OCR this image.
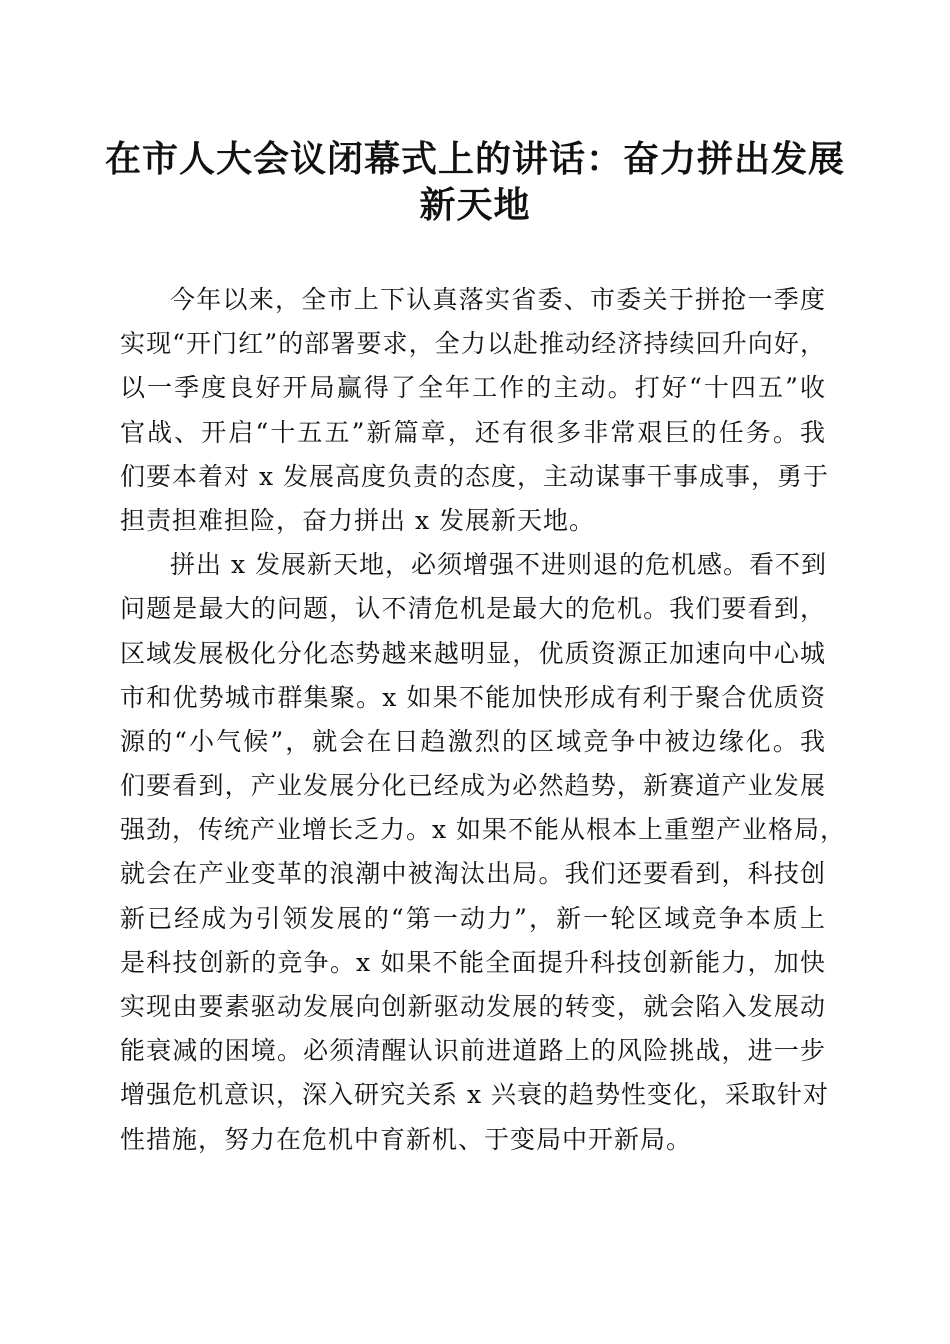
在市人大会议闭幕式上的讲话：奋力拼出发展
新天地

今年以来，全市上下认真落实省委、市委关于拼抢一季度
实现“开门红”的部署要求，全力以赴推动经济持续回升向好，
以一季度良好开局赢得了全年工作的主动。打好“十四五”收
官战、开启“十五五”新篇章，还有很多非常艰巨的任务。我
们要本着对 x 发展高度负责的态度，主动谋事干事成事，勇于
担责担难担险，奋力拼出 x 发展新天地。

拼出 x 发展新天地，必须增强不进则退的危机感。看不到
问题是最大的问题，认不清危机是最大的危机。我们要看到，
区域发展极化分化态势越来越明显，优质资源正加速向中心城
市和优势城市群集聚。x 如果不能加快形成有利于聚合优质资
源的“小气候”，就会在日趋激烈的区域竞争中被边缘化。我
们要看到，产业发展分化已经成为必然趋势，新赛道产业发展
强劲，传统产业增长乏力。x 如果不能从根本上重塑产业格局，
就会在产业变革的浪潮中被淘汰出局。我们还要看到，科技创
新已经成为引领发展的“第一动力”，新一轮区域竞争本质上
是科技创新的竞争。x 如果不能全面提升科技创新能力，加快
实现由要素驱动发展向创新驱动发展的转变，就会陷入发展动
能衰减的困境。必须清醒认识前进道路上的风险挑战，进一步
增强危机意识，深入研究关系 x 兴衰的趋势性变化，采取针对
性措施，努力在危机中育新机、于变局中开新局。
